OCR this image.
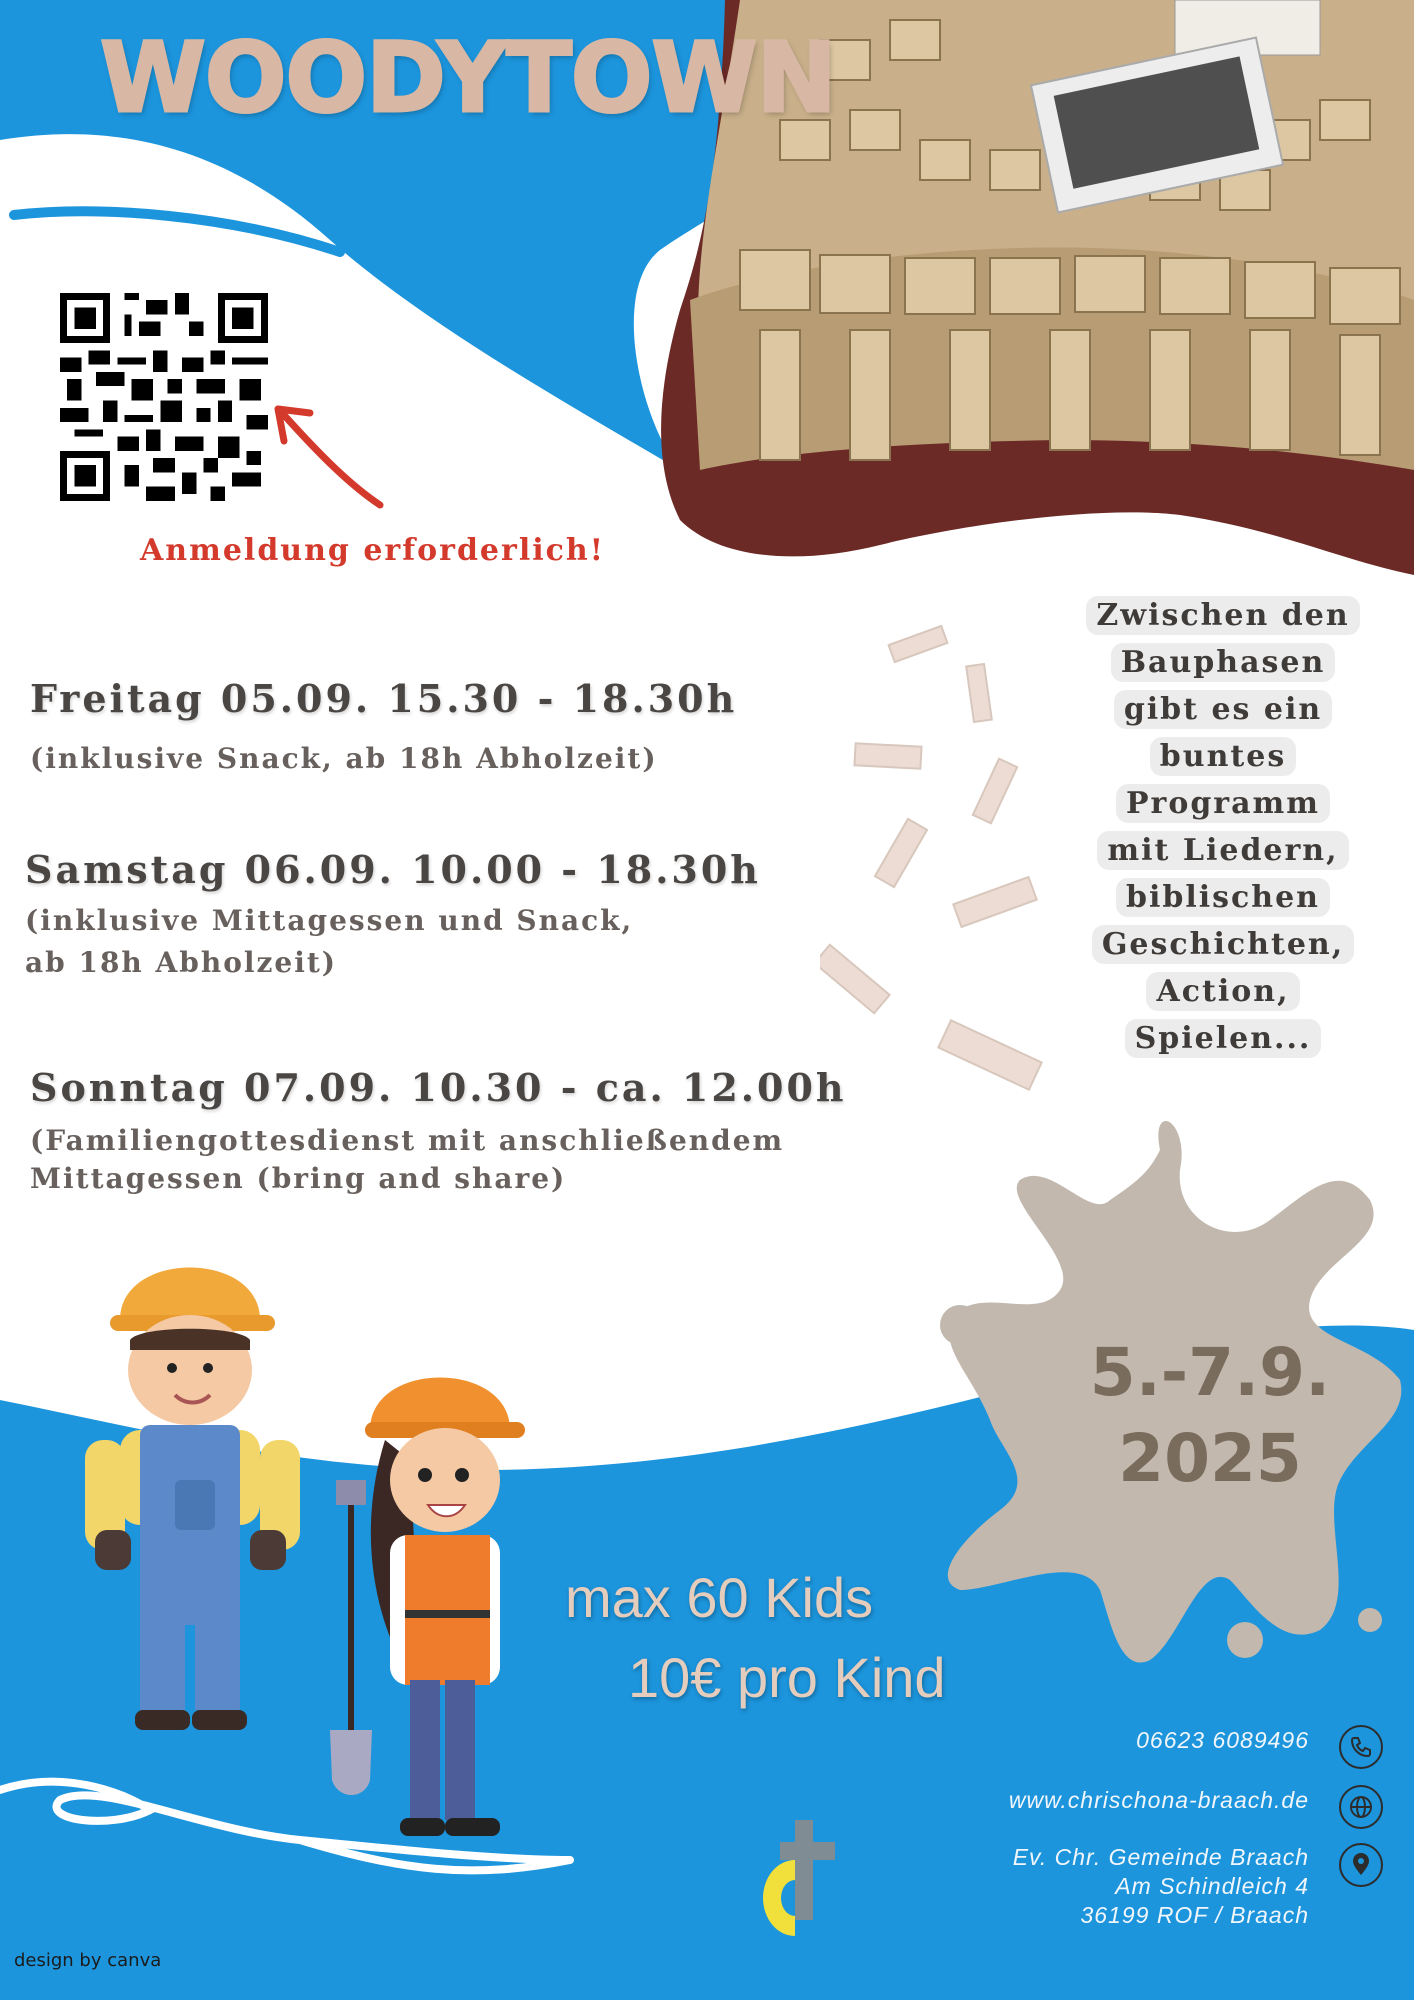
WOODYTOWN
Anmeldung erforderlich!
Freitag 05.09. 15.30 - 18.30h
(inklusive Snack, ab 18h Abholzeit)
Samstag 06.09. 10.00 - 18.30h
(inklusive Mittagessen und Snack,
ab 18h Abholzeit)
Sonntag 07.09. 10.30 - ca. 12.00h
(Familiengottesdienst mit anschließendem
Mittagessen (bring and share)
Zwischen den
Bauphasen
gibt es ein
buntes
Programm
mit Liedern,
biblischen
Geschichten,
Action,
Spielen...
5.-7.9.
2025
max 60 Kids
10€ pro Kind
06623 6089496
www.chrischona-braach.de
Ev. Chr. Gemeinde Braach
Am Schindleich 4
36199 ROF / Braach
design by canva
